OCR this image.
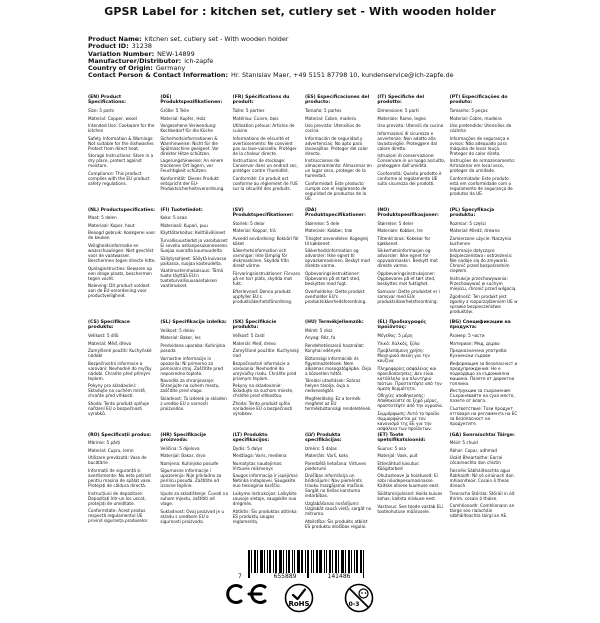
GPSR Label for : kitchen set, cutlery set - With wooden holder
Product Name: kitchen set, cutlery set - With wooden holder
Product ID: 31238
Variation Number: NEW-14899
Manufacturer/Distributor: ich-zapfe
Country of Origin: Germany
Contact Person & Contact Information: Hr. Stanislav Maer, +49 5151 87798 10, kundenservice@ich-zapfe.de
(EN) Product Specifications:

Size: 5 parts

Material: Copper, wood

Intended Use: Cookware for the kitchen

Safety Information & Warnings: Not suitable for the dishwasher. Protect from direct heat.

Storage Instructions: Store in a dry place, protect against moisture.

Compliance: This product complies with the EU product safety regulations.

(DE) Produktspezifikationen:

Größe: 5 Teile

Material: Kupfer, Holz

Vorgesehene Verwendung: Kochbedarf für die Küche

Sicherheitsinformationen & Warnhinweise: Nicht für die Spülmaschine geeignet. Vor direkter Hitze schützen.

Lagerungshinweise: An einem trockenen Ort lagern, vor Feuchtigkeit schützen.

Konformität: Dieses Produkt entspricht der EU-Produktsicherheitsverordnung.

(FR) Spécifications du produit:

Taille: 5 parties

Matériau: Cuivre, bois

Utilisation prévue: Articles de cuisine

Informations de sécurité et avertissements: Ne convient pas au lave-vaisselle. Protéger de la chaleur directe.

Instructions de stockage: Conserver dans un endroit sec, protéger contre l'humidité.

Conformité: Ce produit est conforme au règlement de l'UE sur la sécurité des produits.

(ES) Especificaciones del producto:

Tamaño: 5 partes

Material: Cobre, madera

Uso previsto: Utensilios de cocina

Información de seguridad y advertencias: No apto para lavavajillas. Proteger del calor directo.

Instrucciones de almacenamiento: Almacenar en un lugar seco, proteger de la humedad.

Conformidad: Este producto cumple con el reglamento de seguridad de productos de la UE.

(IT) Specifiche del prodotto:

Dimensione: 5 parti

Materiale: Rame, legno

Uso previsto: Utensili da cucina

Informazioni di sicurezza e avvertenze: Non adatto alla lavastoviglie. Proteggere dal calore diretto.

Istruzioni di conservazione: Conservare in un luogo asciutto, proteggere dall'umidità.

Conformità: Questo prodotto è conforme al regolamento UE sulla sicurezza dei prodotti.

(PT) Especificações do produto:

Tamanho: 5 peças

Material: Cobre, madeira

Uso pretendido: Utensílios de cozinha

Informações de segurança e avisos: Não adequado para máquina de lavar louça. Proteger do calor direto.

Instruções de armazenamento: Armazenar em local seco, proteger da umidade.

Conformidade: Este produto está em conformidade com o regulamento de segurança de produtos da UE.

(NL) Productspecificaties:

Maat: 5 delen

Materiaal: Koper, hout

Beoogd gebruik: Kookgerei voor de keuken

Veiligheidsinformatie en waarschuwingen: Niet geschikt voor de vaatwasser. Beschermen tegen directe hitte.

Opslaginstructies: Bewaren op een droge plaats, beschermen tegen vocht.

Naleving: Dit product voldoet aan de EU-verordening voor productveiligheid.

(FI) Tuotetiedot:

Koko: 5 osaa

Materiaali: Kupari, puu

Käyttötarkoitus: Keittiövälineet

Turvallisuustiedot ja varoitukset: Ei sovellu astianpesukoneeseen. Suojaa suoralta kuumuudelta.

Säilytysohjeet: Säilytä kuivassa paikassa, suojaa kosteudelta.

Vaatimustenmukaisuus: Tämä tuote täyttää EU:n tuoteturvallisuusasetuksen vaatimukset.

(SV) Produktspecifikationer:

Storlek: 5 delar

Material: Koppar, trä

Avsedd användning: Kokkärl för köket

Säkerhetsinformation och varningar: Inte lämplig för diskmaskinen. Skydda från direkt värme.

Förvaringsinstruktioner: Förvara på en torr plats, skydda mot fukt.

Efterlevnad: Denna produkt uppfyller EU:s produktsäkerhetsförordning.

(DA) Produktspecifikationer:

Størrelse: 5 dele

Materiale: Kobber, træ

Tilsigtet anvendelse: Kogegrej til køkkenet

Sikkerhedsinformation og advarsler: Ikke egnet til opvaskemaskinen. Beskyt mod direkte varme.

Opbevaringsinstruktioner: Opbevares på et tørt sted, beskyttes mod fugt.

Overholdelse: Dette produkt overholder EU's produktsikkerhedsforordning.

(NO) Produktspesifikasjoner:

Størrelse: 5 deler

Materiale: Kobber, tre

Tiltenkt bruk: Kokekar for kjøkkenet

Sikkerhetsinformasjon og advarsler: Ikke egnet for oppvaskmaskin. Beskytt mot direkte varme.

Oppbevaringsinstruksjoner: Oppbevares på et tørt sted, beskyttes mot fuktighet.

Samsvar: Dette produktet er i samsvar med EUs produktsikkerhetsforordning.

(PL) Specyfikacja produktu:

Rozmiar: 5 części

Materiał: Miedź, drewno

Zamierzone użycie: Naczynia kuchenne

Informacje dotyczące bezpieczeństwa i ostrzeżenia: Nie nadaje się do zmywarki. Chronić przed bezpośrednim ciepłem.

Instrukcje przechowywania: Przechowywać w suchym miejscu, chronić przed wilgocią.

Zgodność: Ten produkt jest zgodny z rozporządzeniem UE w sprawie bezpieczeństwa produktów.

(CS) Specifikace produktu:

Velikost: 5 dílů

Materiál: Měď, dřevo

Zamýšlené použití: Kuchyňské nádobí

Bezpečnostní informace a varování: Nevhodné do myčky nádobí. Chraňte před přímým teplem.

Pokyny pro skladování: Skladujte na suchém místě, chraňte před vlhkostí.

Shoda: Tento produkt splňuje nařízení EU o bezpečnosti výrobků.

(SL) Specifikacije izdelka:

Velikost: 5 delov

Material: Baker, les

Predvidena uporaba: Kuhinjska posoda

Varnostne informacije in opozorila: Ni primerno za pomivalni stroj. Zaščitite pred neposredno toploto.

Navodila za shranjevanje: Shranjujte na suhem mestu, zaščitite pred vlago.

Skladnost: Ta izdelek je skladen z uredbo EU o varnosti proizvodov.

(SK) Špecifikácie produktu:

Veľkosť: 5 častí

Materiál: Meď, drevo

Zamýšľané použitie: Kuchynský riad

Bezpečnostné informácie a varovania: Nevhodné do umývačky riadu. Chráňte pred priamym teplom.

Pokyny na skladovanie: Skladujte na suchom mieste, chráňte pred vlhkosťou.

Zhoda: Tento produkt spĺňa nariadenie EÚ o bezpečnosti výrobkov.

(HU) Termékjellemzők:

Méret: 5 rész

Anyag: Réz, fa

Rendeltetésszerű használat: Konyhai edények

Biztonsági információk és figyelmeztetések: Nem alkalmas mosogatógépbe. Óvja a közvetlen hőtől.

Tárolási utasítások: Száraz helyen tárolja, óvja a nedvességtől.

Megfelelőség: Ez a termék megfelel az EU termékbiztonsági rendeletének.

(EL) Προδιαγραφές προϊόντος:

Μέγεθος: 5 μέρη

Υλικό: Χαλκός, ξύλο

Προβλεπόμενη χρήση: Μαγειρικά σκεύη για την κουζίνα

Πληροφορίες ασφάλειας και προειδοποιήσεις: Δεν είναι κατάλληλο για πλυντήριο πιάτων. Προστατέψτε από την άμεση θερμότητα.

Οδηγίες αποθήκευσης: Αποθηκεύστε σε ξηρό μέρος, προστατέψτε από την υγρασία.

Συμμόρφωση: Αυτό το προϊόν συμμορφώνεται με τον κανονισμό της ΕΕ για την ασφάλεια των προϊόντων.

(BG) Спецификации на продукта:

Размер: 5 части

Материал: Мед, дърво

Предназначена употреба: Кухненски съдове

Информация за безопасност и предупреждения: Не е подходящо за съдомиялна машина. Пазете от директна топлина.

Инструкции за съхранение: Съхранявайте на сухо място, пазете от влага.

Съответствие: Този продукт отговаря на регламента на ЕС за безопасност на продуктите.

(RO) Specificații produs:

Mărime: 5 părți

Material: Cupru, lemn

Utilizare prevăzută: Vase de bucătărie

Informații de siguranță și avertismente: Nu este potrivit pentru mașina de spălat vase. Protejați de căldura directă.

Instrucțiuni de depozitare: Depozitați într-un loc uscat, protejați de umiditate.

Conformitate: Acest produs respectă regulamentul UE privind siguranța produselor.

(HR) Specifikacije proizvoda:

Veličina: 5 dijelova

Materijal: Bakar, drvo

Namjena: Kuhinjsko posuđe

Sigurnosne informacije i upozorenja: Nije prikladno za perilicu posuđa. Zaštitite od izravne topline.

Upute za skladištenje: Čuvati na suhom mjestu, zaštititi od vlage.

Sukladnost: Ovaj proizvod je u skladu s uredbom EU o sigurnosti proizvoda.

(LT) Produkto specifikacijos:

Dydis: 5 dalys

Medžiaga: Varis, mediena

Numatytas naudojimas: Virtuvės reikmenys

Saugos informacija ir įspėjimai: Netinka indaplovei. Saugokite nuo tiesioginio karščio.

Laikymo instrukcijos: Laikykite sausoje vietoje, saugokite nuo drėgmės.

Atitiktis: Šis produktas atitinka ES produktų saugos reglamentą.

(LV) Produkta specifikācijas:

Izmērs: 5 daļas

Materiāls: Varš, koks

Paredzētā lietošana: Virtuves piederumi

Drošības informācija un brīdinājumi: Nav piemērots trauku mazgājamai mašīnai. Sargāt no tiešas karstuma iedarbības.

Uzglabāšanas norādījumi: Uzglabāt sausā vietā, sargāt no mitruma.

Atbilstība: Šis produkts atbilst ES produktu drošības regulai.

(ET) Toote spetsifikatsioonid:

Suurus: 5 osa

Materjal: Vask, puit

Ettenähtud kasutus: Köögitarbed

Ohutusteave ja hoiatused: Ei sobi nõudepesumasinasse. Kaitske otsese kuumuse eest.

Säilitamisjuhised: Hoida kuivas kohas, kaitsta niiskuse eest.

Vastavus: See toode vastab ELi tooteohutuse määrusele.

(GA) Sonraíochtaí Táirge:

Méid: 5 chuid

Ábhar: Copar, adhmad

Úsáid Bheartaithe: Earraí cócaireachta don chistin

Faisnéis Sábháilteachta agus Rabhaidh: Níl sé oiriúnach don mhiasniteoir. Cosain ó theas díreach.

Treoracha Stórála: Stóráil in áit thirim, cosain ó thaise.

Comhlíonadh: Comhlíonann an táirge seo rialacháin sábháilteachta táirgí an AE.

7	655889	141486
RoHS	0-3
